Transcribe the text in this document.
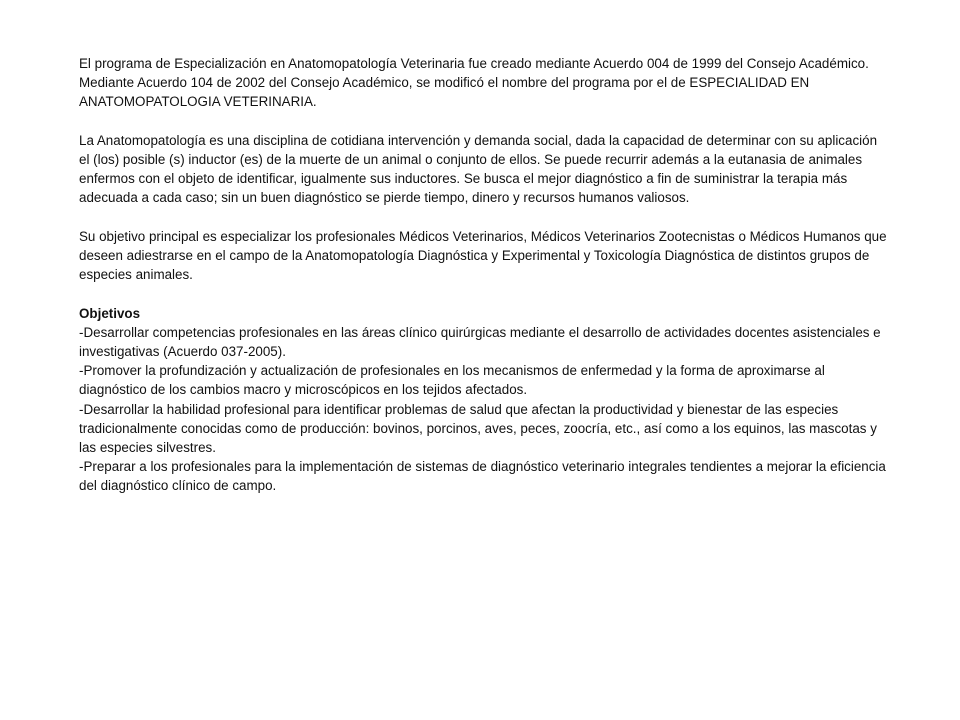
El programa de Especialización en Anatomopatología Veterinaria fue creado mediante Acuerdo 004 de 1999 del Consejo Académico. Mediante Acuerdo 104 de 2002 del Consejo Académico, se modificó el nombre del programa por el de ESPECIALIDAD EN ANATOMOPATOLOGIA VETERINARIA.

La Anatomopatología es una disciplina de cotidiana intervención y demanda social, dada la capacidad de determinar con su aplicación el (los) posible (s) inductor (es) de la muerte de un animal o conjunto de ellos. Se puede recurrir además a la eutanasia de animales enfermos con el objeto de identificar, igualmente sus inductores. Se busca el mejor diagnóstico a fin de suministrar la terapia más adecuada a cada caso; sin un buen diagnóstico se pierde tiempo, dinero y recursos humanos valiosos.

Su objetivo principal es especializar los profesionales Médicos Veterinarios, Médicos Veterinarios Zootecnistas o Médicos Humanos que deseen adiestrarse en el campo de la Anatomopatología Diagnóstica y Experimental y Toxicología Diagnóstica de distintos grupos de especies animales.

Objetivos

-Desarrollar competencias profesionales en las áreas clínico quirúrgicas mediante el desarrollo de actividades docentes asistenciales e investigativas (Acuerdo 037-2005).

-Promover la profundización y actualización de profesionales en los mecanismos de enfermedad y la forma de aproximarse al diagnóstico de los cambios macro y microscópicos en los tejidos afectados.

-Desarrollar la habilidad profesional para identificar problemas de salud que afectan la productividad y bienestar de las especies tradicionalmente conocidas como de producción: bovinos, porcinos, aves, peces, zoocría, etc., así como a los equinos, las mascotas y las especies silvestres.

-Preparar a los profesionales para la implementación de sistemas de diagnóstico veterinario integrales tendientes a mejorar la eficiencia del diagnóstico clínico de campo.
